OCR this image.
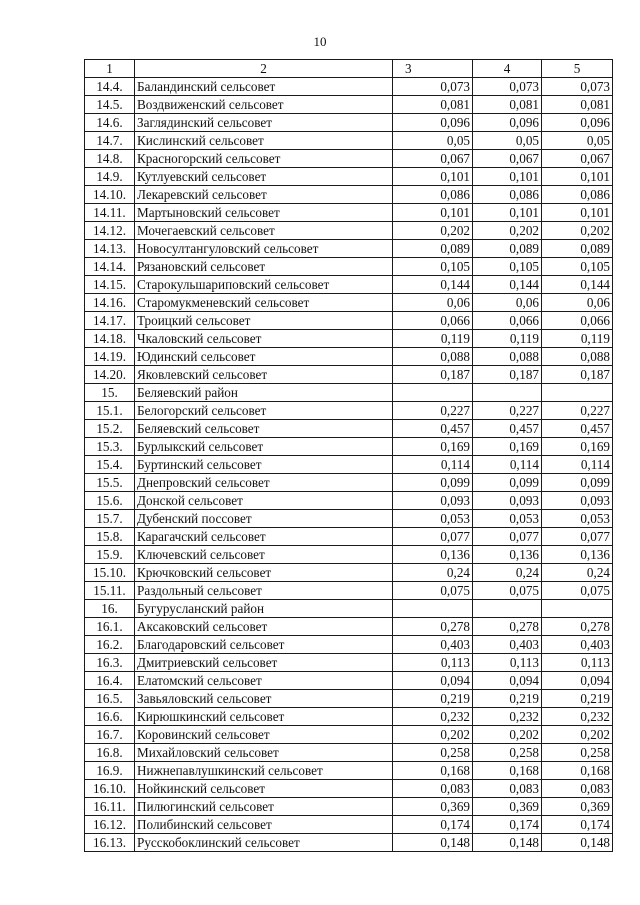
10
1	2	3	4	5
14.4.	Баландинский сельсовет	0,073	0,073	0,073
14.5.	Воздвиженский сельсовет	0,081	0,081	0,081
14.6.	Заглядинский сельсовет	0,096	0,096	0,096
14.7.	Кислинский сельсовет	0,05	0,05	0,05
14.8.	Красногорский сельсовет	0,067	0,067	0,067
14.9.	Кутлуевский сельсовет	0,101	0,101	0,101
14.10.	Лекаревский сельсовет	0,086	0,086	0,086
14.11.	Мартыновский сельсовет	0,101	0,101	0,101
14.12.	Мочегаевский сельсовет	0,202	0,202	0,202
14.13.	Новосултангуловский сельсовет	0,089	0,089	0,089
14.14.	Рязановский сельсовет	0,105	0,105	0,105
14.15.	Старокульшариповский сельсовет	0,144	0,144	0,144
14.16.	Старомукменевский сельсовет	0,06	0,06	0,06
14.17.	Троицкий сельсовет	0,066	0,066	0,066
14.18.	Чкаловский сельсовет	0,119	0,119	0,119
14.19.	Юдинский сельсовет	0,088	0,088	0,088
14.20.	Яковлевский сельсовет	0,187	0,187	0,187
15.	Беляевский район			
15.1.	Белогорский сельсовет	0,227	0,227	0,227
15.2.	Беляевский сельсовет	0,457	0,457	0,457
15.3.	Бурлыкский сельсовет	0,169	0,169	0,169
15.4.	Буртинский сельсовет	0,114	0,114	0,114
15.5.	Днепровский сельсовет	0,099	0,099	0,099
15.6.	Донской сельсовет	0,093	0,093	0,093
15.7.	Дубенский поссовет	0,053	0,053	0,053
15.8.	Карагачский сельсовет	0,077	0,077	0,077
15.9.	Ключевский сельсовет	0,136	0,136	0,136
15.10.	Крючковский сельсовет	0,24	0,24	0,24
15.11.	Раздольный сельсовет	0,075	0,075	0,075
16.	Бугурусланский район			
16.1.	Аксаковский сельсовет	0,278	0,278	0,278
16.2.	Благодаровский сельсовет	0,403	0,403	0,403
16.3.	Дмитриевский сельсовет	0,113	0,113	0,113
16.4.	Елатомский сельсовет	0,094	0,094	0,094
16.5.	Завьяловский сельсовет	0,219	0,219	0,219
16.6.	Кирюшкинский сельсовет	0,232	0,232	0,232
16.7.	Коровинский сельсовет	0,202	0,202	0,202
16.8.	Михайловский сельсовет	0,258	0,258	0,258
16.9.	Нижнепавлушкинский сельсовет	0,168	0,168	0,168
16.10.	Нойкинский сельсовет	0,083	0,083	0,083
16.11.	Пилюгинский сельсовет	0,369	0,369	0,369
16.12.	Полибинский сельсовет	0,174	0,174	0,174
16.13.	Русскобоклинский сельсовет	0,148	0,148	0,148
